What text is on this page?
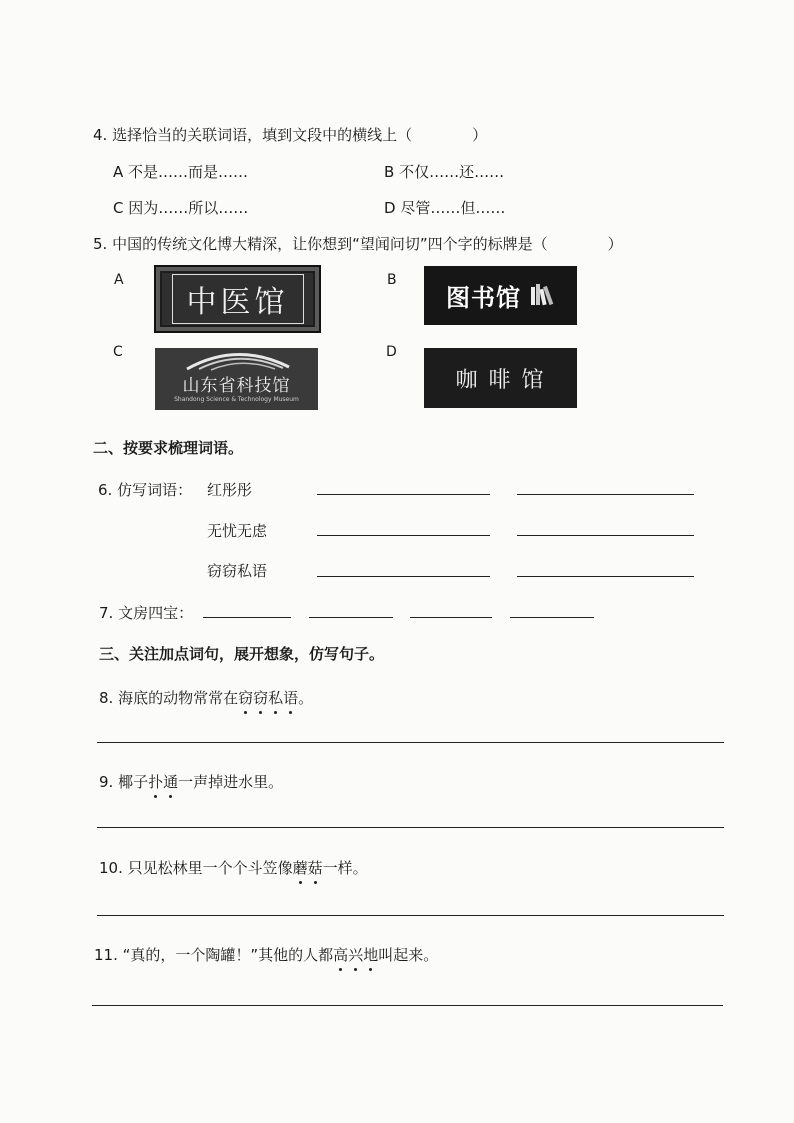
4. 选择恰当的关联词语，填到文段中的横线上（	）
A 不是……而是……	B 不仅……还……
C 因为……所以……	D 尽管……但……
5. 中国的传统文化博大精深，让你想到“望闻问切”四个字的标牌是（	）
A
中医馆
B
图书馆
C
山东省科技馆
Shandong Science & Technology Museum
D
咖 啡 馆
二、按要求梳理词语。
6. 仿写词语： 红彤彤
无忧无虑
窃窃私语
7. 文房四宝：
三、关注加点词句，展开想象，仿写句子。
8. 海底的动物常常在窃窃私语。
9. 椰子扑通一声掉进水里。
10. 只见松林里一个个斗笠像蘑菇一样。
11. “真的，一个陶罐！”其他的人都高兴地叫起来。
